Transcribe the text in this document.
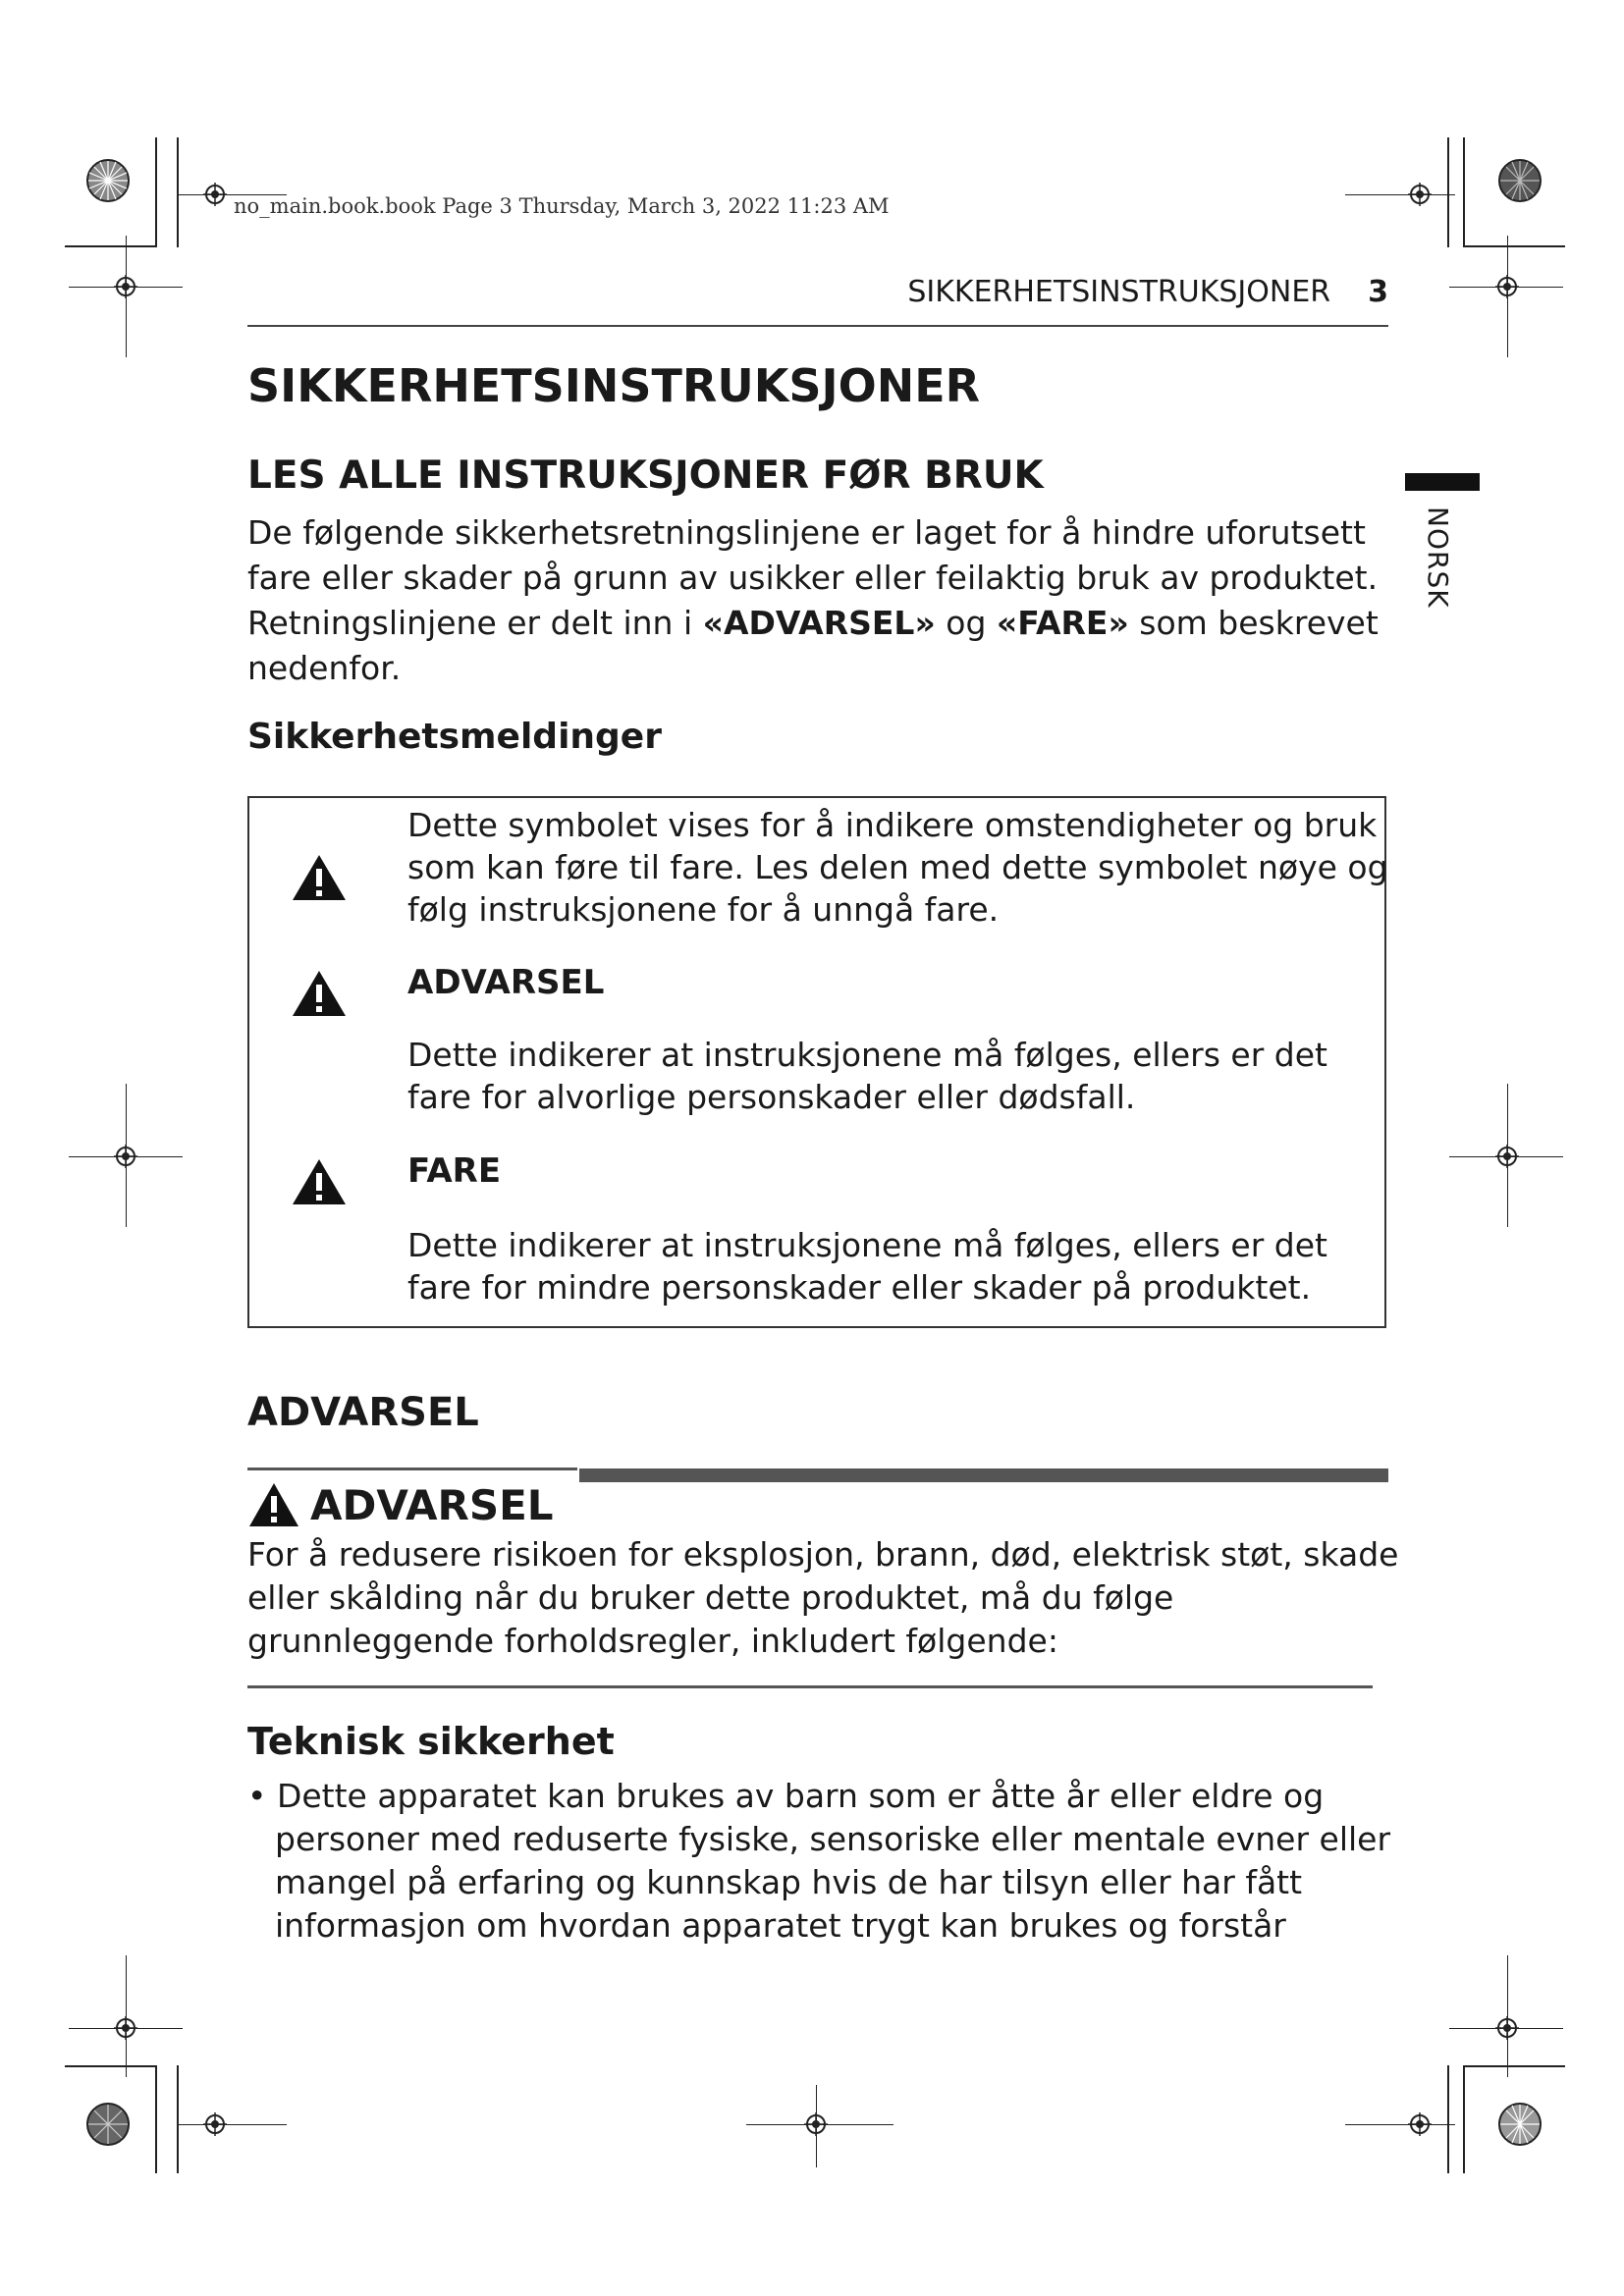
no_main.book.book Page 3 Thursday, March 3, 2022 11:23 AM
SIKKERHETSINSTRUKSJONER 3
NORSK
SIKKERHETSINSTRUKSJONER
LES ALLE INSTRUKSJONER FØR BRUK

De følgende sikkerhetsretningslinjene er laget for å hindre uforutsett

fare eller skader på grunn av usikker eller feilaktig bruk av produktet.

Retningslinjene er delt inn i «ADVARSEL» og «FARE» som beskrevet

nedenfor.

Sikkerhetsmeldinger

Dette symbolet vises for å indikere omstendigheter og bruk

som kan føre til fare. Les delen med dette symbolet nøye og

følg instruksjonene for å unngå fare.

ADVARSEL

Dette indikerer at instruksjonene må følges, ellers er det

fare for alvorlige personskader eller dødsfall.

FARE

Dette indikerer at instruksjonene må følges, ellers er det

fare for mindre personskader eller skader på produktet.

ADVARSEL
ADVARSEL

For å redusere risikoen for eksplosjon, brann, død, elektrisk støt, skade

eller skålding når du bruker dette produktet, må du følge

grunnleggende forholdsregler, inkludert følgende:

Teknisk sikkerhet

• Dette apparatet kan brukes av barn som er åtte år eller eldre og

personer med reduserte fysiske, sensoriske eller mentale evner eller

mangel på erfaring og kunnskap hvis de har tilsyn eller har fått

informasjon om hvordan apparatet trygt kan brukes og forstår
